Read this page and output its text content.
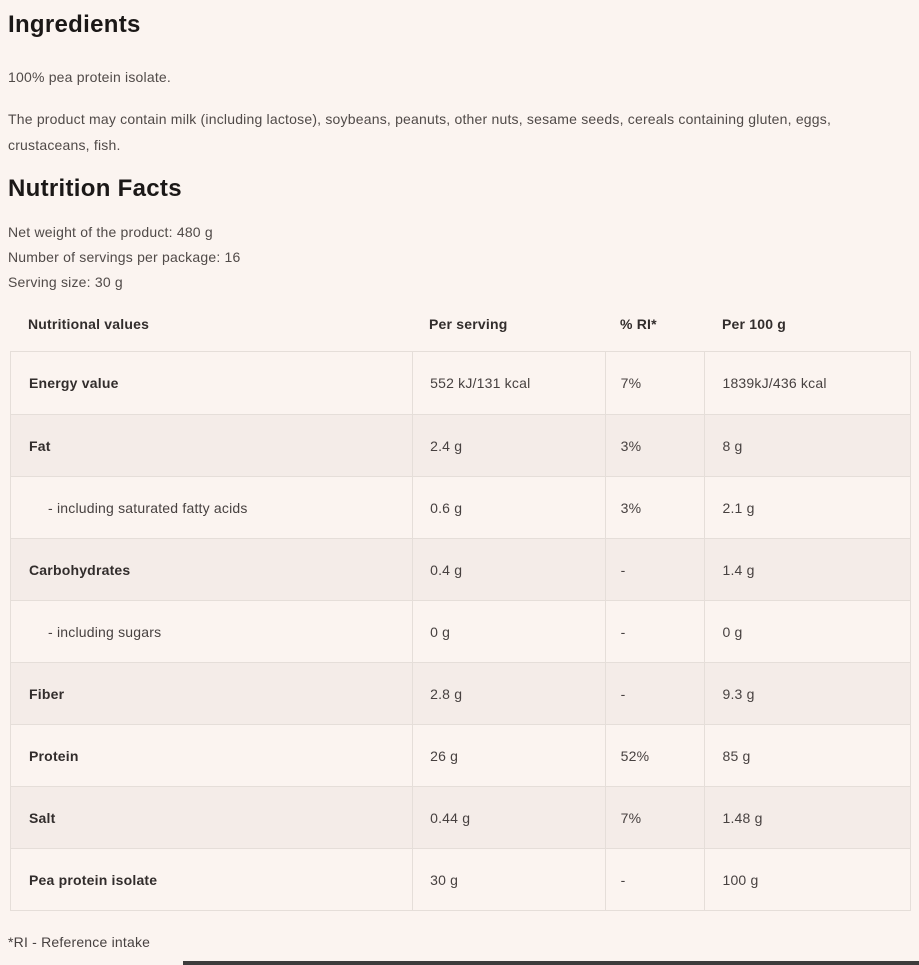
Ingredients

100% pea protein isolate.

The product may contain milk (including lactose), soybeans, peanuts, other nuts, sesame seeds, cereals containing gluten, eggs, crustaceans, fish.

Nutrition Facts

Net weight of the product: 480 g

Number of servings per package: 16

Serving size: 30 g

Nutritional values	Per serving	% RI*	Per 100 g
Energy value	552 kJ/131 kcal	7%	1839kJ/436 kcal
Fat	2.4 g	3%	8 g
- including saturated fatty acids	0.6 g	3%	2.1 g
Carbohydrates	0.4 g	-	1.4 g
- including sugars	0 g	-	0 g
Fiber	2.8 g	-	9.3 g
Protein	26 g	52%	85 g
Salt	0.44 g	7%	1.48 g
Pea protein isolate	30 g	-	100 g

*RI - Reference intake
